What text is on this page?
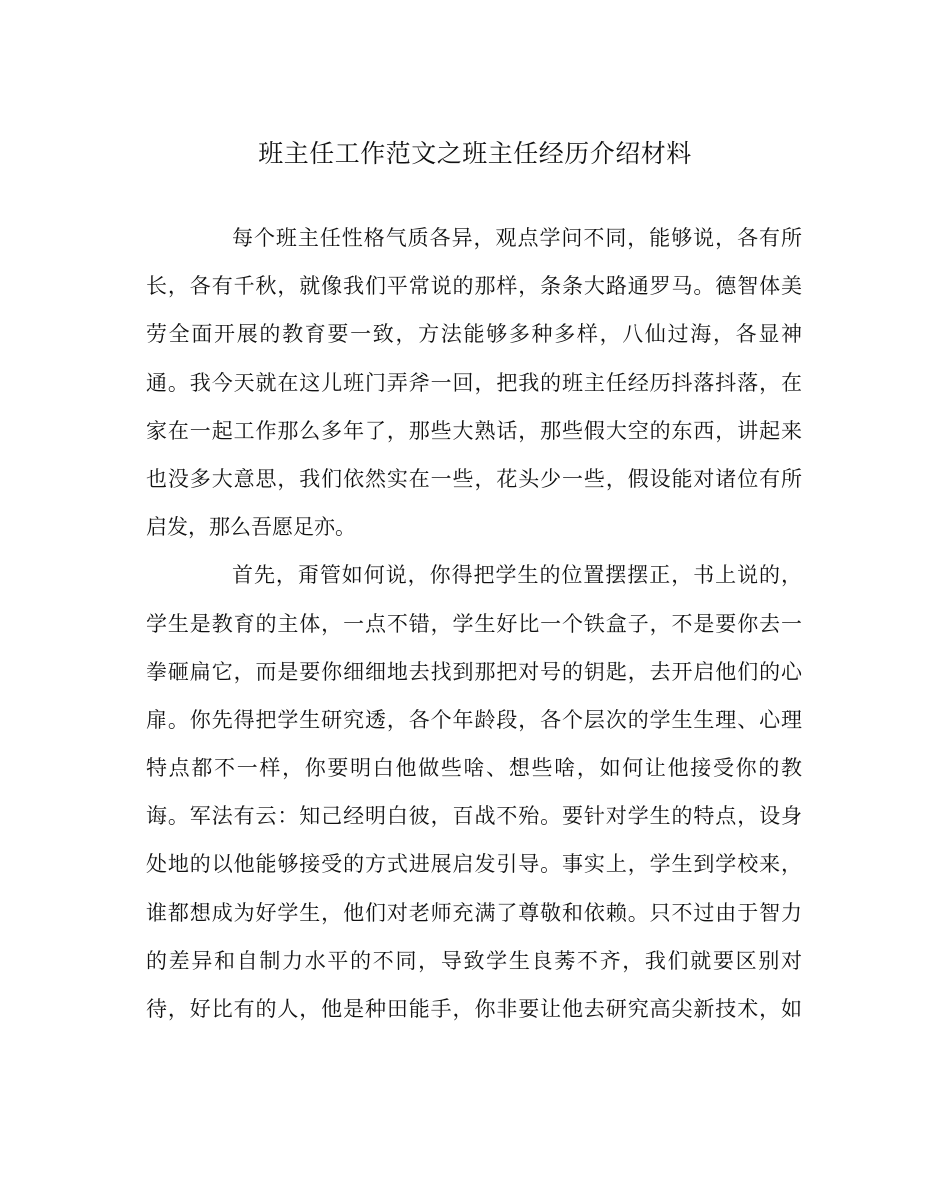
班主任工作范文之班主任经历介绍材料
每个班主任性格气质各异，观点学问不同，能够说，各有所
长，各有千秋，就像我们平常说的那样，条条大路通罗马。德智体美
劳全面开展的教育要一致，方法能够多种多样，八仙过海，各显神
通。我今天就在这儿班门弄斧一回，把我的班主任经历抖落抖落，在
家在一起工作那么多年了，那些大熟话，那些假大空的东西，讲起来
也没多大意思，我们依然实在一些，花头少一些，假设能对诸位有所
启发，那么吾愿足亦。
首先，甭管如何说，你得把学生的位置摆摆正，书上说的，
学生是教育的主体，一点不错，学生好比一个铁盒子，不是要你去一
拳砸扁它，而是要你细细地去找到那把对号的钥匙，去开启他们的心
扉。你先得把学生研究透，各个年龄段，各个层次的学生生理、心理
特点都不一样，你要明白他做些啥、想些啥，如何让他接受你的教
诲。军法有云：知己经明白彼，百战不殆。要针对学生的特点，设身
处地的以他能够接受的方式进展启发引导。事实上，学生到学校来，
谁都想成为好学生，他们对老师充满了尊敬和依赖。只不过由于智力
的差异和自制力水平的不同，导致学生良莠不齐，我们就要区别对
待，好比有的人，他是种田能手，你非要让他去研究高尖新技术，如
